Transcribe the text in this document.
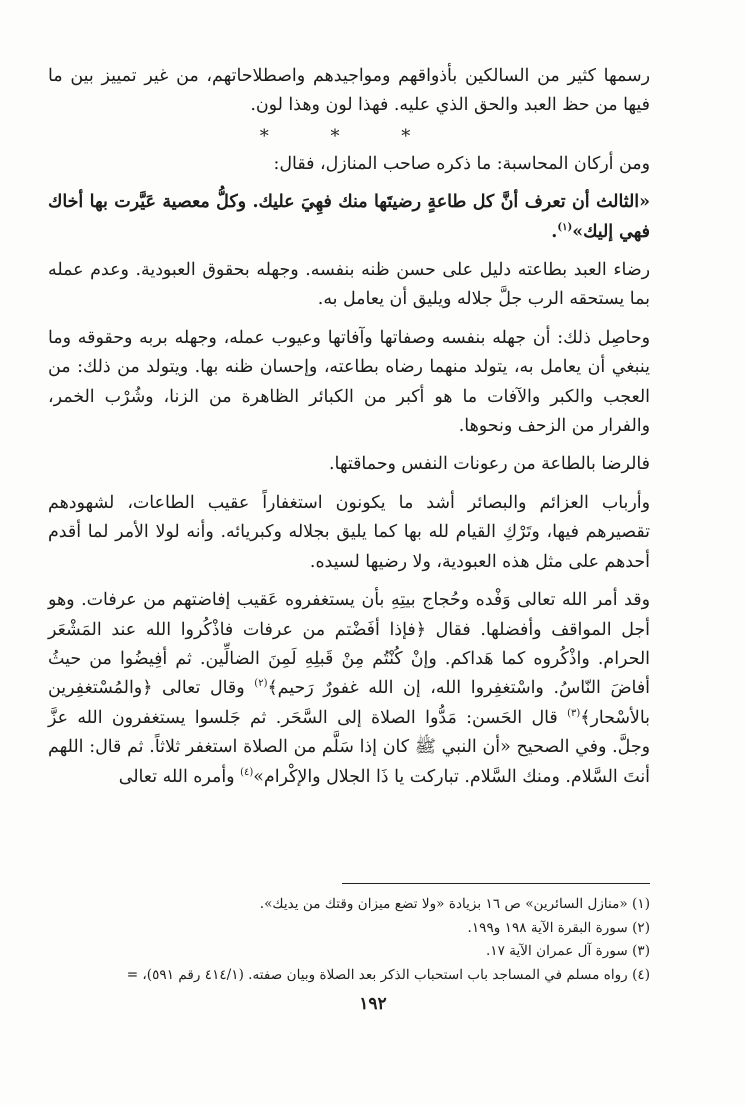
رسمها كثير من السالكين بأذواقهم ومواجيدهم واصطلاحاتهم، من غير تمييز بين ما فيها من حظ العبد والحق الذي عليه. فهذا لون وهذا لون.

* * *

ومن أركان المحاسبة: ما ذكره صاحب المنازل، فقال:

«الثالث أن تعرف أنَّ كل طاعةٍ رضيتَها منك فهِيَ عليك. وكلُّ معصية عَيَّرت بها أخاك فهي إليك»$^{(١)}$.

رضاء العبد بطاعته دليل على حسن ظنه بنفسه. وجهله بحقوق العبودية. وعدم عمله بما يستحقه الرب جلَّ جلاله ويليق أن يعامل به.

وحاصِل ذلك: أن جهله بنفسه وصفاتها وآفاتها وعيوب عمله، وجهله بربه وحقوقه وما ينبغي أن يعامل به، يتولد منهما رضاه بطاعته، وإحسان ظنه بها. ويتولد من ذلك: من العجب والكبر والآفات ما هو أكبر من الكبائر الظاهرة من الزنا، وشُرْب الخمر، والفرار من الزحف ونحوها.

فالرضا بالطاعة من رعونات النفس وحماقتها.

وأرباب العزائم والبصائر أشد ما يكونون استغفاراً عقيب الطاعات، لشهودهم تقصيرهم فيها، وتَرْكِ القيام لله بها كما يليق بجلاله وكبريائه. وأنه لولا الأمر لما أقدم أحدهم على مثل هذه العبودية، ولا رضيها لسيده.

وقد أمر الله تعالى وَفْده وحُجاج بيتِهِ بأن يستغفروه عَقيب إفاضتهم من عرفات. وهو أجل المواقف وأفضلها. فقال ﴿فإذا أفَضْتم من عرفات فاذْكُروا الله عند المَشْعَر الحرام. واذْكُروه كما هَداكم. وإنْ كُنْتُم مِنْ قَبلِهِ لَمِنَ الضالِّين. ثم أفِيضُوا من حيثُ أفاضَ النّاسُ. واسْتغفِروا الله، إن الله غفورٌ رَحيم﴾$^{(٢)}$ وقال تعالى ﴿والمُسْتغفِرين بالأسْحار﴾$^{(٣)}$ قال الحَسن: مَدُّوا الصلاة إلى السَّحَر. ثم جَلسوا يستغفرون الله عزَّ وجلَّ. وفي الصحيح «أن النبي ﷺ كان إذا سَلَّم من الصلاة استغفر ثلاثاً. ثم قال: اللهم أنتَ السَّلام. ومنك السَّلام. تباركت يا ذَا الجلال والإكْرام»$^{(٤)}$ وأمره الله تعالى

(١) «منازل السائرين» ص ١٦ بزيادة «ولا تضع ميزان وقتك من يديك».
(٢) سورة البقرة الآية ١٩٨ و١٩٩.
(٣) سورة آل عمران الآية ١٧.
(٤) رواه مسلم في المساجد باب استحباب الذكر بعد الصلاة وبيان صفته. (٤١٤/١ رقم ٥٩١)، =
١٩٢
